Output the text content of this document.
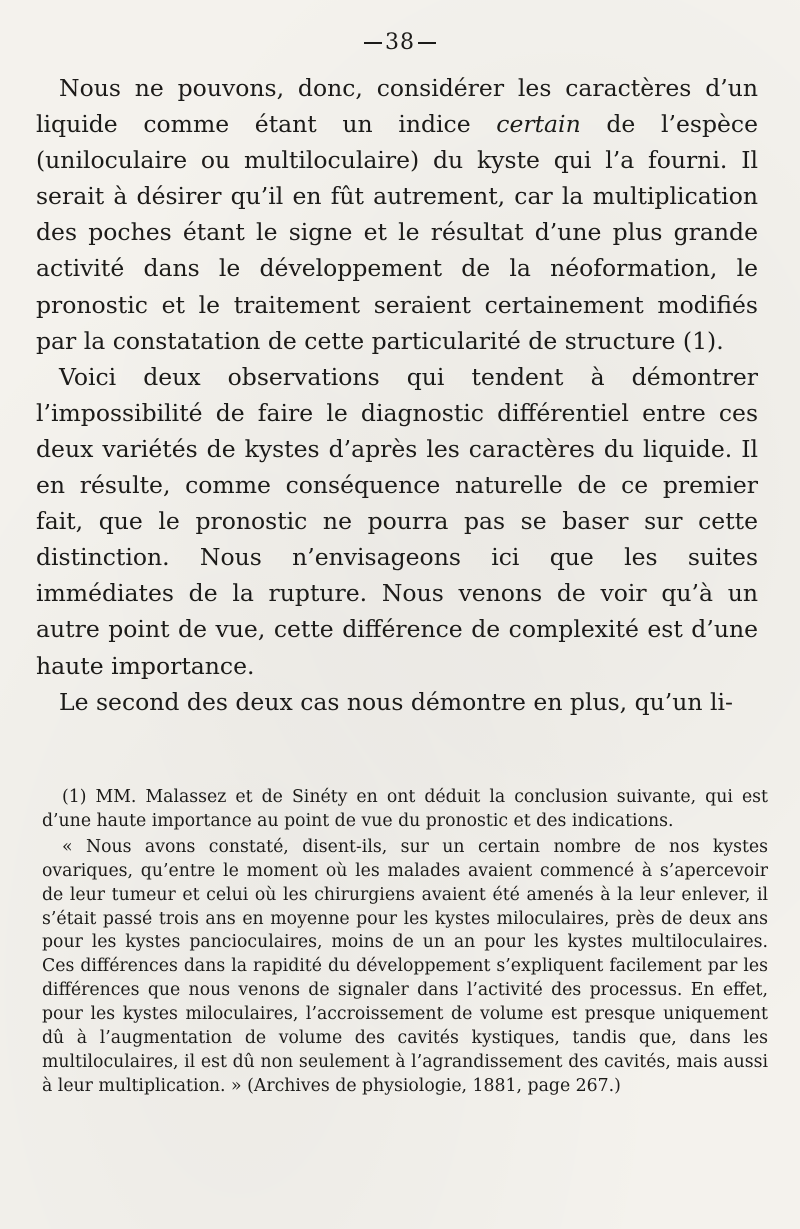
38

Nous ne pouvons, donc, considérer les caractères d’un liquide comme étant un indice certain de l’espèce (uniloculaire ou multiloculaire) du kyste qui l’a fourni. Il serait à désirer qu’il en fût autrement, car la multiplication des poches étant le signe et le résultat d’une plus grande activité dans le développement de la néoformation, le pronostic et le traitement seraient certainement modifiés par la constatation de cette particularité de structure (1).

Voici deux observations qui tendent à démontrer l’impossibilité de faire le diagnostic différentiel entre ces deux variétés de kystes d’après les caractères du liquide. Il en résulte, comme conséquence naturelle de ce premier fait, que le pronostic ne pourra pas se baser sur cette distinction. Nous n’envisageons ici que les suites immédiates de la rupture. Nous venons de voir qu’à un autre point de vue, cette différence de complexité est d’une haute importance.

Le second des deux cas nous démontre en plus, qu’un li-

(1) MM. Malassez et de Sinéty en ont déduit la conclusion suivante, qui est d’une haute importance au point de vue du pronostic et des indications.

« Nous avons constaté, disent-ils, sur un certain nombre de nos kystes ovariques, qu’entre le moment où les malades avaient commencé à s’apercevoir de leur tumeur et celui où les chirurgiens avaient été amenés à la leur enlever, il s’était passé trois ans en moyenne pour les kystes miloculaires, près de deux ans pour les kystes pancioculaires, moins de un an pour les kystes multiloculaires. Ces différences dans la rapidité du développement s’expliquent facilement par les différences que nous venons de signaler dans l’activité des processus. En effet, pour les kystes miloculaires, l’accroissement de volume est presque uniquement dû à l’augmentation de volume des cavités kystiques, tandis que, dans les multiloculaires, il est dû non seulement à l’agrandissement des cavités, mais aussi à leur multiplication. » (Archives de physiologie, 1881, page 267.)
